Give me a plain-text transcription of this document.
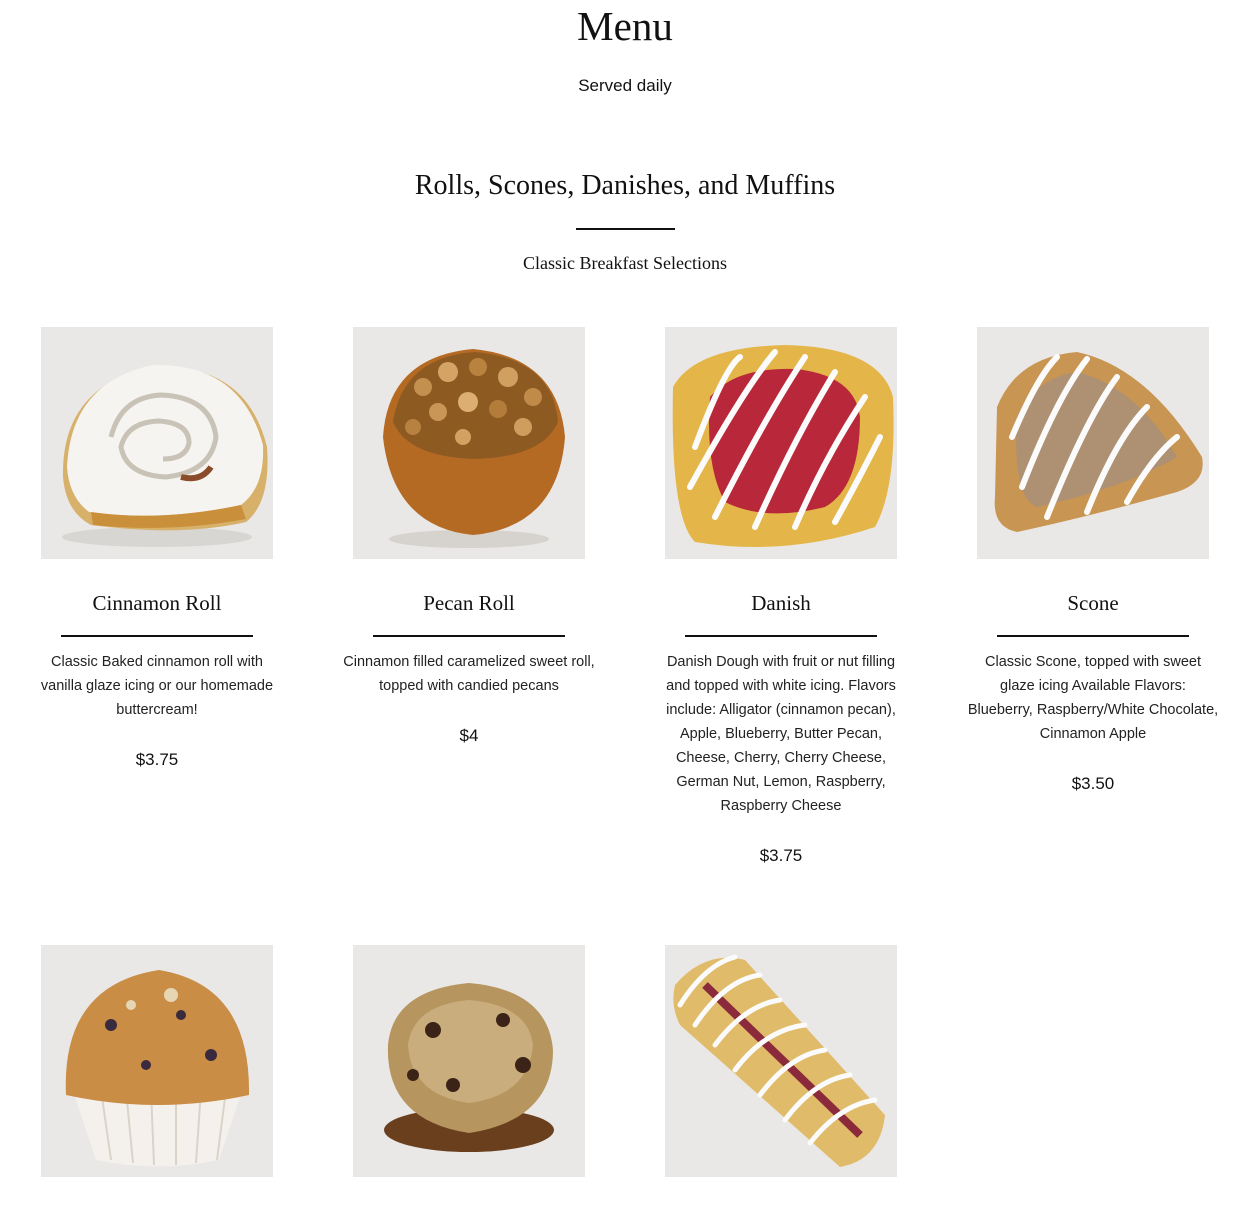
Menu

Served daily

Rolls, Scones, Danishes, and Muffins

Classic Breakfast Selections

Cinnamon Roll
Classic Baked cinnamon roll with vanilla glaze icing or our homemade buttercream!
$3.75
Pecan Roll
Cinnamon filled caramelized sweet roll, topped with candied pecans
$4
Danish
Danish Dough with fruit or nut filling and topped with white icing. Flavors include: Alligator (cinnamon pecan), Apple, Blueberry, Butter Pecan, Cheese, Cherry, Cherry Cheese, German Nut, Lemon, Raspberry, Raspberry Cheese
$3.75
Scone
Classic Scone, topped with sweet glaze icing Available Flavors: Blueberry, Raspberry/White Chocolate, Cinnamon Apple
$3.50
